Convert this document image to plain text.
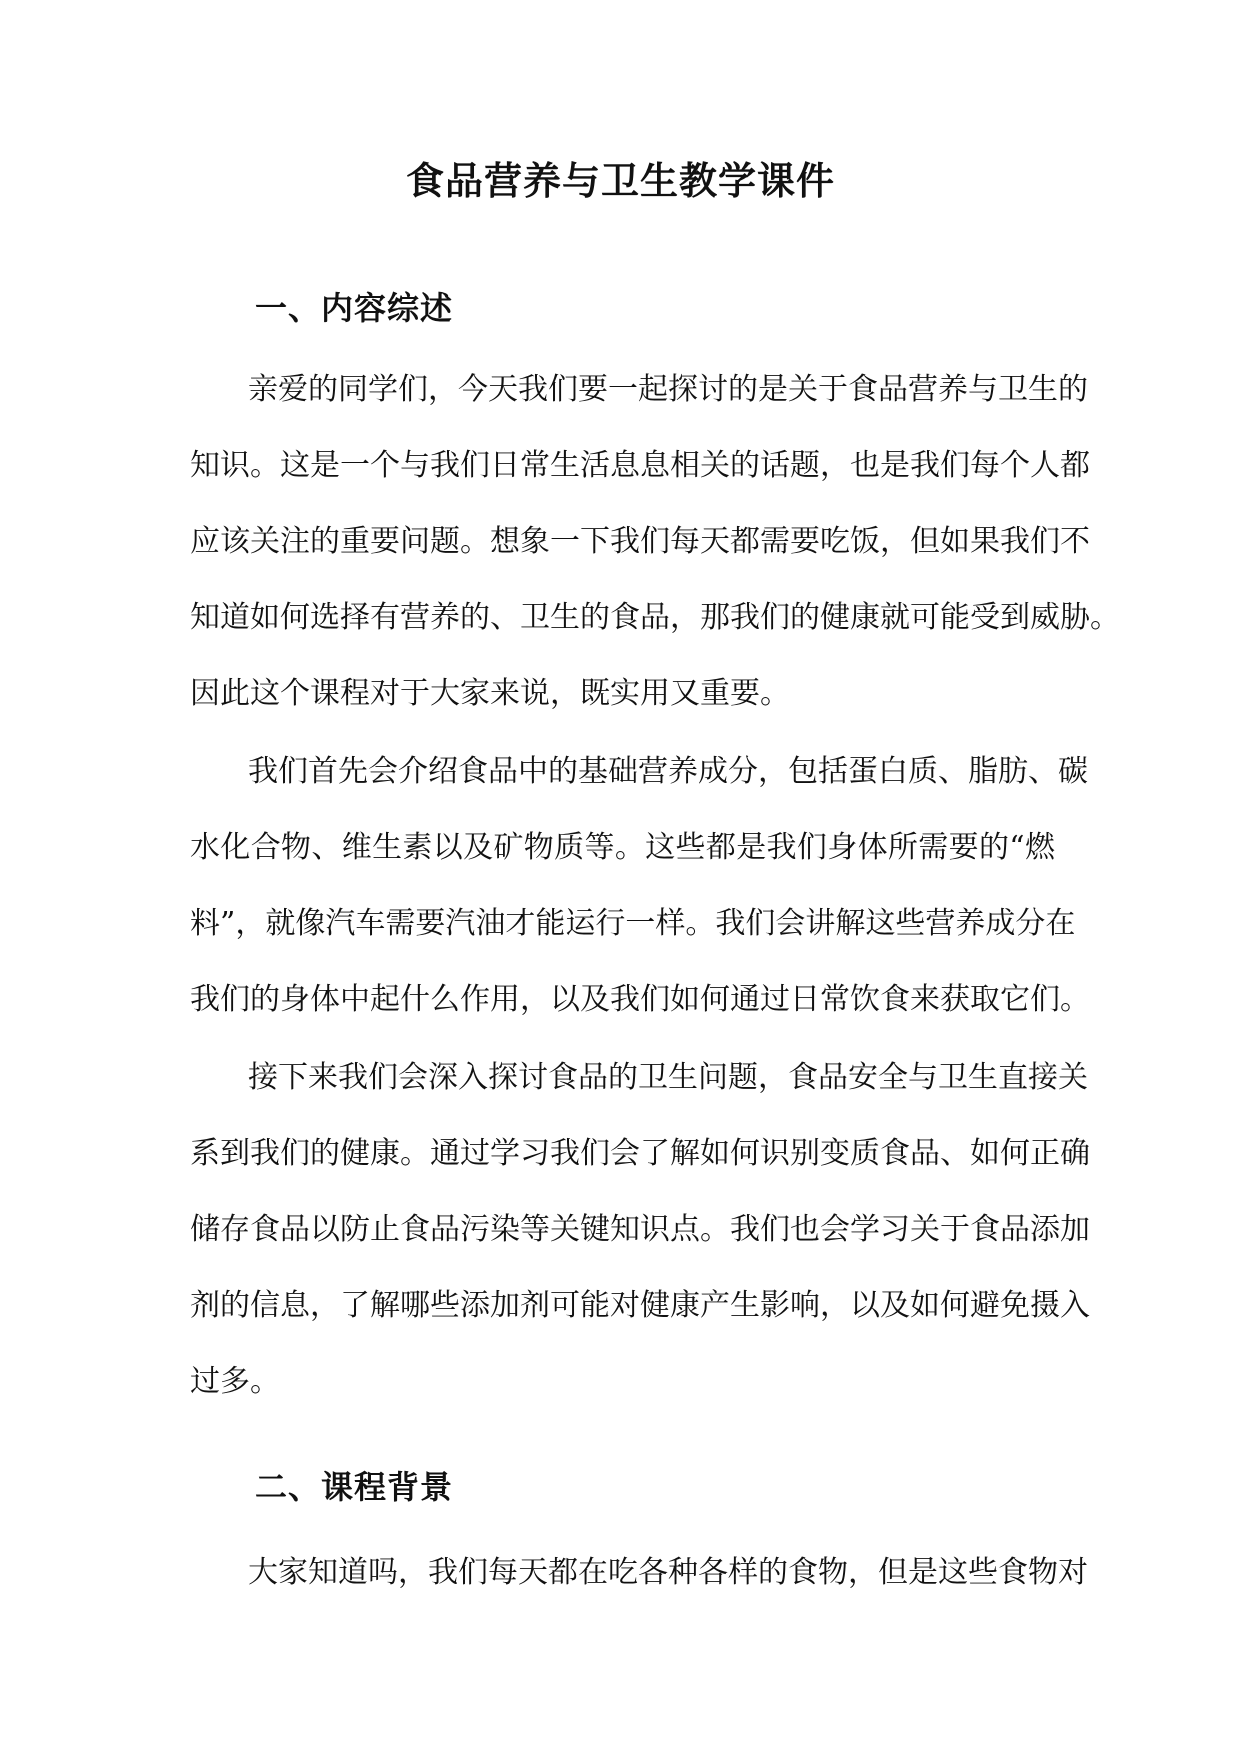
食品营养与卫生教学课件
一、内容综述

亲爱的同学们，今天我们要一起探讨的是关于食品营养与卫生的
知识。这是一个与我们日常生活息息相关的话题，也是我们每个人都
应该关注的重要问题。想象一下我们每天都需要吃饭，但如果我们不
知道如何选择有营养的、卫生的食品，那我们的健康就可能受到威胁。
因此这个课程对于大家来说，既实用又重要。

我们首先会介绍食品中的基础营养成分，包括蛋白质、脂肪、碳
水化合物、维生素以及矿物质等。这些都是我们身体所需要的“燃
料”，就像汽车需要汽油才能运行一样。我们会讲解这些营养成分在
我们的身体中起什么作用，以及我们如何通过日常饮食来获取它们。

接下来我们会深入探讨食品的卫生问题，食品安全与卫生直接关
系到我们的健康。通过学习我们会了解如何识别变质食品、如何正确
储存食品以防止食品污染等关键知识点。我们也会学习关于食品添加
剂的信息，了解哪些添加剂可能对健康产生影响，以及如何避免摄入
过多。

二、课程背景

大家知道吗，我们每天都在吃各种各样的食物，但是这些食物对
